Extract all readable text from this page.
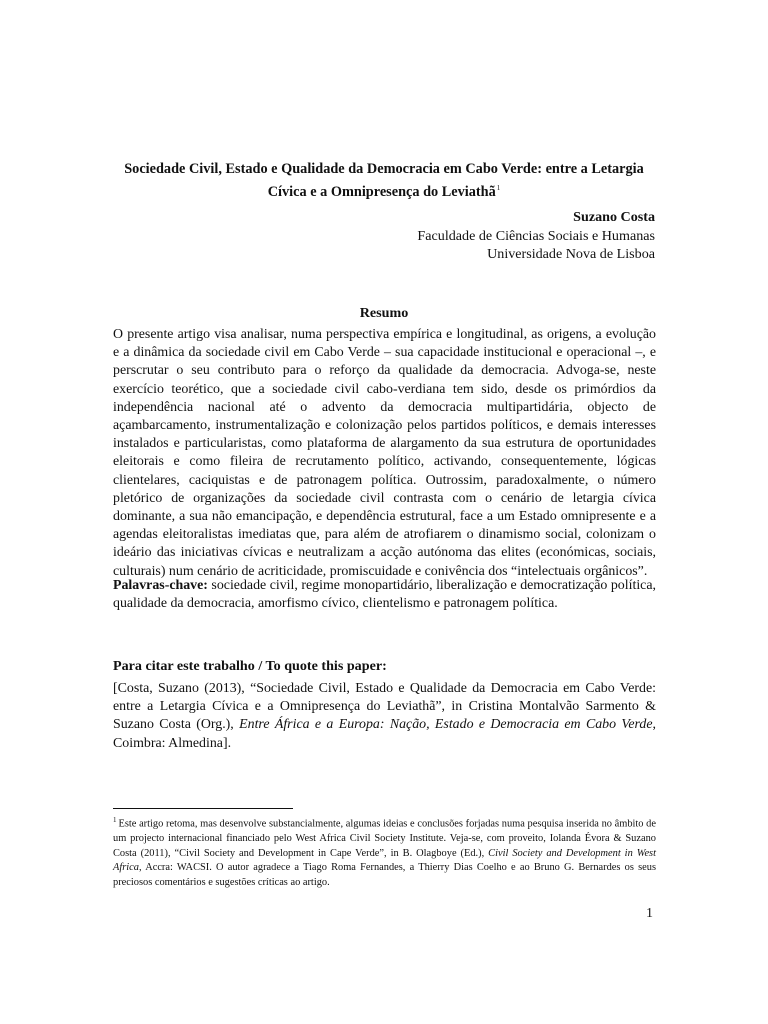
Sociedade Civil, Estado e Qualidade da Democracia em Cabo Verde: entre a Letargia Cívica e a Omnipresença do Leviathã$^1$
Suzano Costa
Faculdade de Ciências Sociais e Humanas
Universidade Nova de Lisboa
Resumo
O presente artigo visa analisar, numa perspectiva empírica e longitudinal, as origens, a evolução e a dinâmica da sociedade civil em Cabo Verde – sua capacidade institucional e operacional –, e perscrutar o seu contributo para o reforço da qualidade da democracia. Advoga-se, neste exercício teorético, que a sociedade civil cabo-verdiana tem sido, desde os primórdios da independência nacional até o advento da democracia multipartidária, objecto de açambarcamento, instrumentalização e colonização pelos partidos políticos, e demais interesses instalados e particularistas, como plataforma de alargamento da sua estrutura de oportunidades eleitorais e como fileira de recrutamento político, activando, consequentemente, lógicas clientelares, caciquistas e de patronagem política. Outrossim, paradoxalmente, o número pletórico de organizações da sociedade civil contrasta com o cenário de letargia cívica dominante, a sua não emancipação, e dependência estrutural, face a um Estado omnipresente e a agendas eleitoralistas imediatas que, para além de atrofiarem o dinamismo social, colonizam o ideário das iniciativas cívicas e neutralizam a acção autónoma das elites (económicas, sociais, culturais) num cenário de acriticidade, promiscuidade e conivência dos “intelectuais orgânicos”.
Palavras-chave: sociedade civil, regime monopartidário, liberalização e democratização política, qualidade da democracia, amorfismo cívico, clientelismo e patronagem política.
Para citar este trabalho / To quote this paper:
[Costa, Suzano (2013), “Sociedade Civil, Estado e Qualidade da Democracia em Cabo Verde: entre a Letargia Cívica e a Omnipresença do Leviathã”, in Cristina Montalvão Sarmento & Suzano Costa (Org.), Entre África e a Europa: Nação, Estado e Democracia em Cabo Verde, Coimbra: Almedina].
$^1$ Este artigo retoma, mas desenvolve substancialmente, algumas ideias e conclusões forjadas numa pesquisa inserida no âmbito de um projecto internacional financiado pelo West Africa Civil Society Institute. Veja-se, com proveito, Iolanda Évora & Suzano Costa (2011), “Civil Society and Development in Cape Verde”, in B. Olagboye (Ed.), Civil Society and Development in West Africa, Accra: WACSI. O autor agradece a Tiago Roma Fernandes, a Thierry Dias Coelho e ao Bruno G. Bernardes os seus preciosos comentários e sugestões críticas ao artigo.
1
